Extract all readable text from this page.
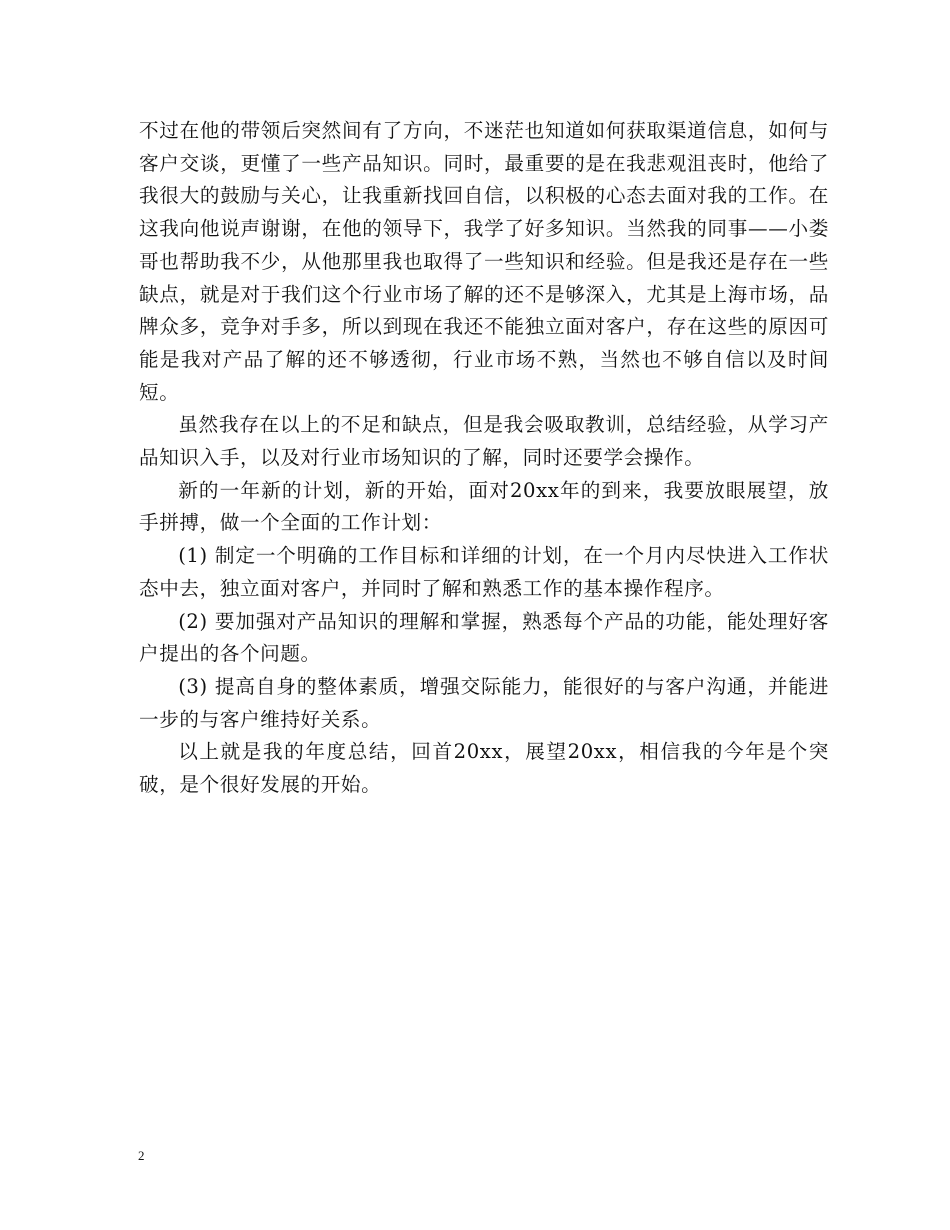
不过在他的带领后突然间有了方向，不迷茫也知道如何获取渠道信息，如何与客户交谈，更懂了一些产品知识。同时，最重要的是在我悲观沮丧时，他给了我很大的鼓励与关心，让我重新找回自信，以积极的心态去面对我的工作。在这我向他说声谢谢，在他的领导下，我学了好多知识。当然我的同事——小娄哥也帮助我不少，从他那里我也取得了一些知识和经验。但是我还是存在一些缺点，就是对于我们这个行业市场了解的还不是够深入，尤其是上海市场，品牌众多，竞争对手多，所以到现在我还不能独立面对客户，存在这些的原因可能是我对产品了解的还不够透彻，行业市场不熟，当然也不够自信以及时间短。

虽然我存在以上的不足和缺点，但是我会吸取教训，总结经验，从学习产品知识入手，以及对行业市场知识的了解，同时还要学会操作。

新的一年新的计划，新的开始，面对20xx年的到来，我要放眼展望，放手拼搏，做一个全面的工作计划：

(1) 制定一个明确的工作目标和详细的计划，在一个月内尽快进入工作状态中去，独立面对客户，并同时了解和熟悉工作的基本操作程序。

(2) 要加强对产品知识的理解和掌握，熟悉每个产品的功能，能处理好客户提出的各个问题。

(3) 提高自身的整体素质，增强交际能力，能很好的与客户沟通，并能进一步的与客户维持好关系。

以上就是我的年度总结，回首20xx，展望20xx，相信我的今年是个突破，是个很好发展的开始。

2
